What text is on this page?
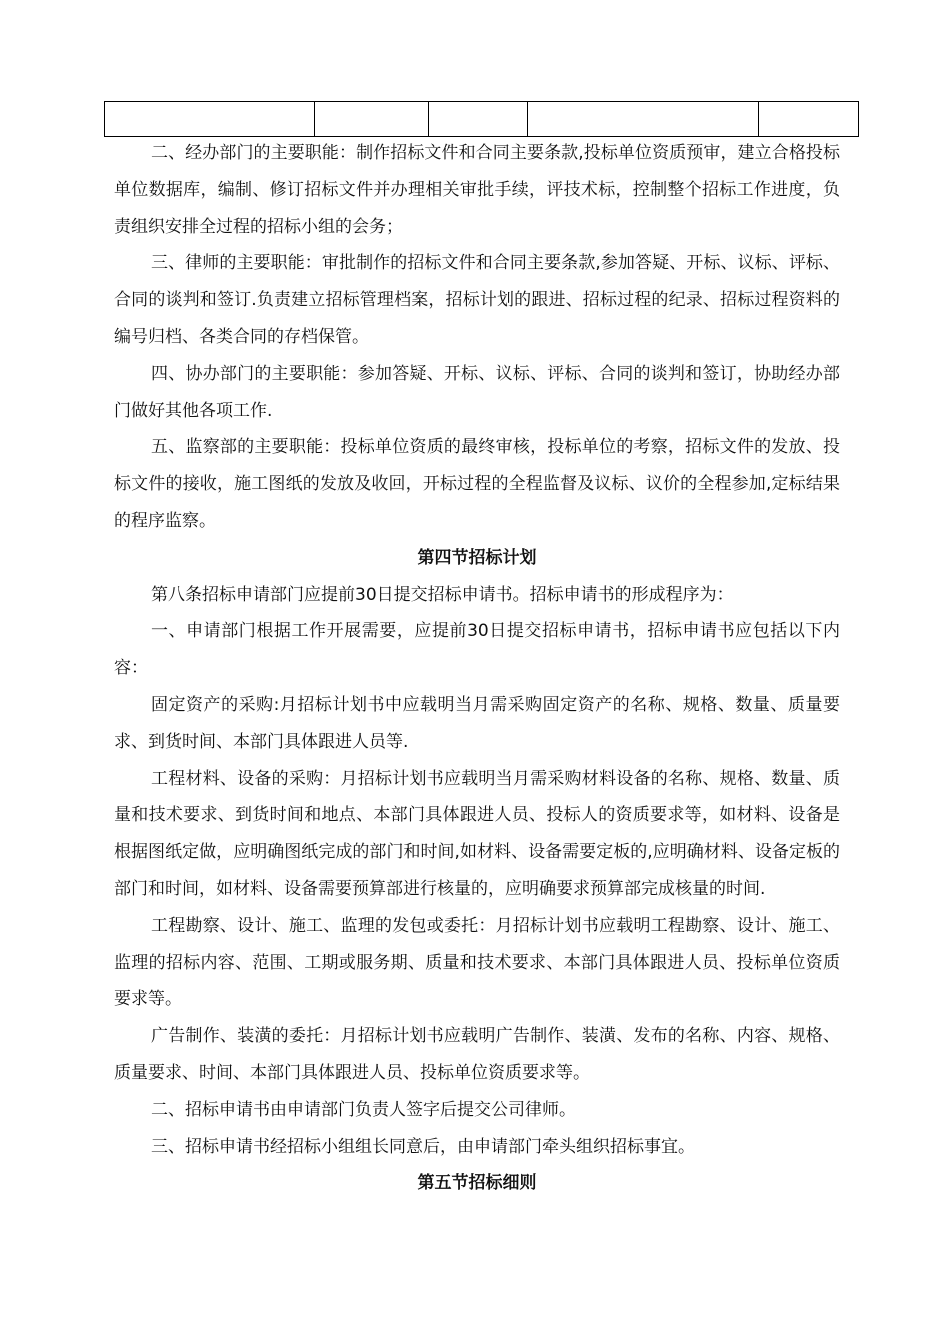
二、经办部门的主要职能：制作招标文件和合同主要条款,投标单位资质预审，建立合格投标单位数据库，编制、修订招标文件并办理相关审批手续，评技术标，控制整个招标工作进度，负责组织安排全过程的招标小组的会务；

三、律师的主要职能：审批制作的招标文件和合同主要条款,参加答疑、开标、议标、评标、合同的谈判和签订.负责建立招标管理档案，招标计划的跟进、招标过程的纪录、招标过程资料的编号归档、各类合同的存档保管。

四、协办部门的主要职能：参加答疑、开标、议标、评标、合同的谈判和签订，协助经办部门做好其他各项工作.

五、监察部的主要职能：投标单位资质的最终审核，投标单位的考察，招标文件的发放、投标文件的接收，施工图纸的发放及收回，开标过程的全程监督及议标、议价的全程参加,定标结果的程序监察。

第四节招标计划

第八条招标申请部门应提前30日提交招标申请书。招标申请书的形成程序为：

一、申请部门根据工作开展需要，应提前30日提交招标申请书，招标申请书应包括以下内容：

固定资产的采购:月招标计划书中应载明当月需采购固定资产的名称、规格、数量、质量要求、到货时间、本部门具体跟进人员等.

工程材料、设备的采购：月招标计划书应载明当月需采购材料设备的名称、规格、数量、质量和技术要求、到货时间和地点、本部门具体跟进人员、投标人的资质要求等，如材料、设备是根据图纸定做，应明确图纸完成的部门和时间,如材料、设备需要定板的,应明确材料、设备定板的部门和时间，如材料、设备需要预算部进行核量的，应明确要求预算部完成核量的时间.

工程勘察、设计、施工、监理的发包或委托：月招标计划书应载明工程勘察、设计、施工、监理的招标内容、范围、工期或服务期、质量和技术要求、本部门具体跟进人员、投标单位资质要求等。

广告制作、装潢的委托：月招标计划书应载明广告制作、装潢、发布的名称、内容、规格、质量要求、时间、本部门具体跟进人员、投标单位资质要求等。

二、招标申请书由申请部门负责人签字后提交公司律师。

三、招标申请书经招标小组组长同意后，由申请部门牵头组织招标事宜。

第五节招标细则
